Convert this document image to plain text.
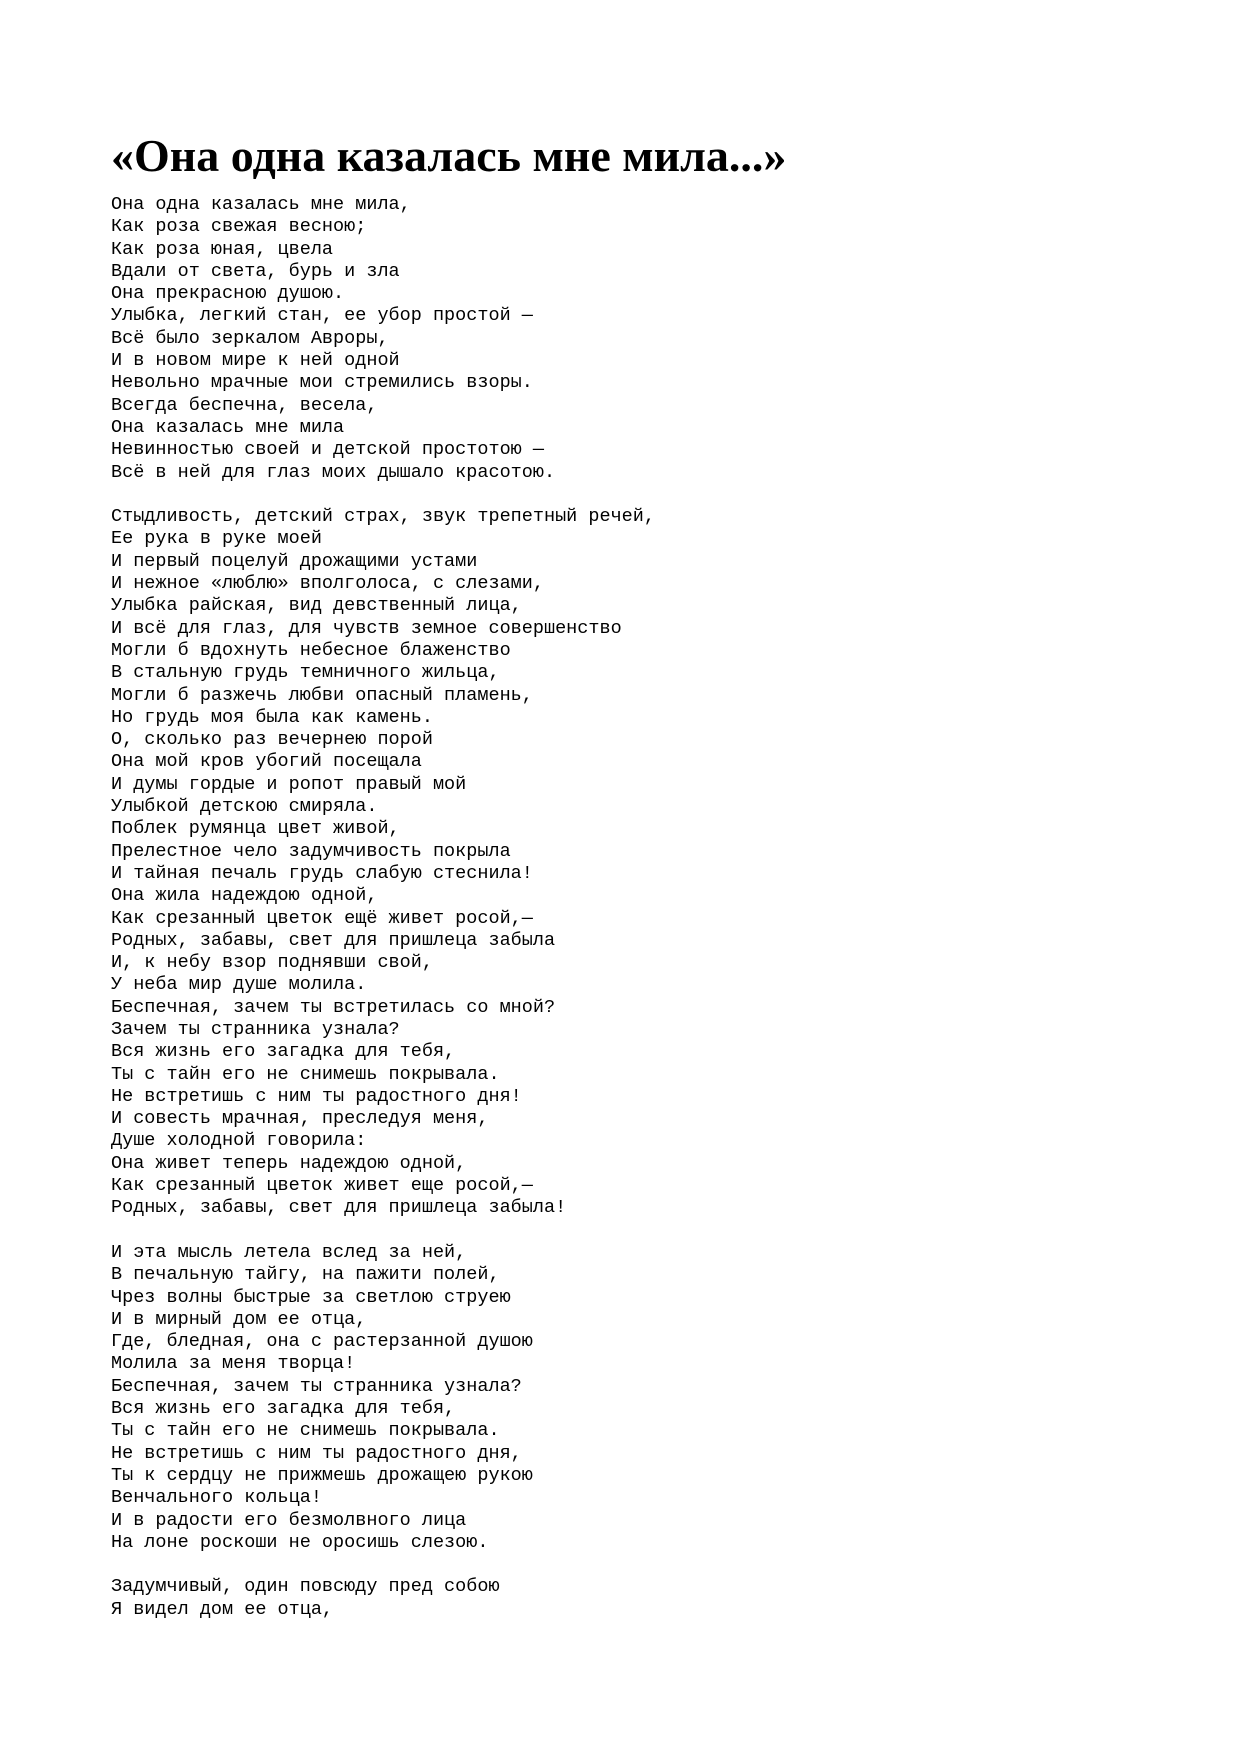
«Она одна казалась мне мила...»
Она одна казалась мне мила,
Как роза свежая весною;
Как роза юная, цвела
Вдали от света, бурь и зла
Она прекрасною душою.
Улыбка, легкий стан, ее убор простой —
Всё было зеркалом Авроры,
И в новом мире к ней одной
Невольно мрачные мои стремились взоры.
Всегда беспечна, весела,
Она казалась мне мила
Невинностью своей и детской простотою —
Всё в ней для глаз моих дышало красотою.
Стыдливость, детский страх, звук трепетный речей,
Ее рука в руке моей
И первый поцелуй дрожащими устами
И нежное «люблю» вполголоса, с слезами,
Улыбка райская, вид девственный лица,
И всё для глаз, для чувств земное совершенство
Могли б вдохнуть небесное блаженство
В стальную грудь темничного жильца,
Могли б разжечь любви опасный пламень,
Но грудь моя была как камень.
О, сколько раз вечернею порой
Она мой кров убогий посещала
И думы гордые и ропот правый мой
Улыбкой детскою смиряла.
Поблек румянца цвет живой,
Прелестное чело задумчивость покрыла
И тайная печаль грудь слабую стеснила!
Она жила надеждою одной,
Как срезанный цветок ещё живет росой,—
Родных, забавы, свет для пришлеца забыла
И, к небу взор поднявши свой,
У неба мир душе молила.
Беспечная, зачем ты встретилась со мной?
Зачем ты странника узнала?
Вся жизнь его загадка для тебя,
Ты с тайн его не снимешь покрывала.
Не встретишь с ним ты радостного дня!
И совесть мрачная, преследуя меня,
Душе холодной говорила:
Она живет теперь надеждою одной,
Как срезанный цветок живет еще росой,—
Родных, забавы, свет для пришлеца забыла!
И эта мысль летела вслед за ней,
В печальную тайгу, на пажити полей,
Чрез волны быстрые за светлою струею
И в мирный дом ее отца,
Где, бледная, она с растерзанной душою
Молила за меня творца!
Беспечная, зачем ты странника узнала?
Вся жизнь его загадка для тебя,
Ты с тайн его не снимешь покрывала.
Не встретишь с ним ты радостного дня,
Ты к сердцу не прижмешь дрожащею рукою
Венчального кольца!
И в радости его безмолвного лица
На лоне роскоши не оросишь слезою.
Задумчивый, один повсюду пред собою
Я видел дом ее отца,
